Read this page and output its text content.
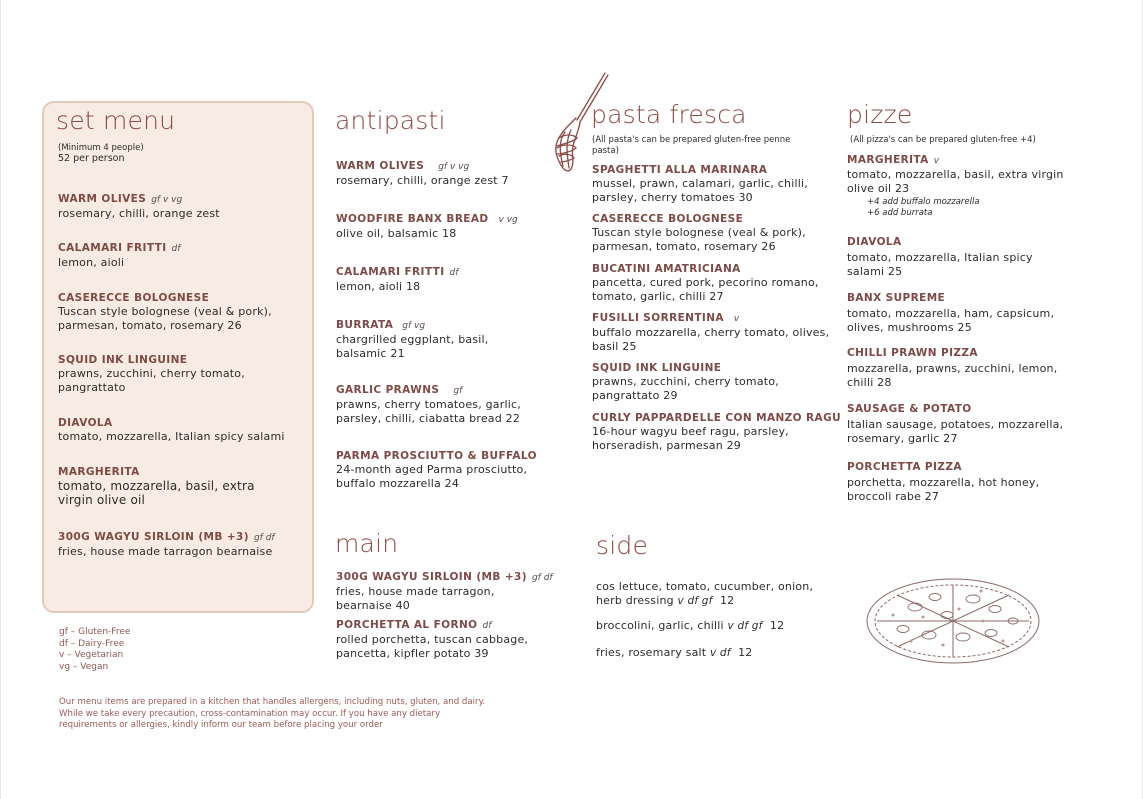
set menu
(Minimum 4 people)
52 per person
WARM OLIVES gf v vg
rosemary, chilli, orange zest
CALAMARI FRITTI df
lemon, aioli
CASERECCE BOLOGNESE
Tuscan style bolognese (veal & pork), parmesan, tomato, rosemary 26
SQUID INK LINGUINE
prawns, zucchini, cherry tomato, pangrattato
DIAVOLA
tomato, mozzarella, Italian spicy salami
MARGHERITA
tomato, mozzarella, basil, extra virgin olive oil
300G WAGYU SIRLOIN (MB +3) gf df
fries, house made tarragon bearnaise
gf – Gluten-Free
df – Dairy-Free
v – Vegetarian
vg – Vegan
Our menu items are prepared in a kitchen that handles allergens, including nuts, gluten, and dairy. While we take every precaution, cross-contamination may occur. If you have any dietary requirements or allergies, kindly inform our team before placing your order
antipasti
WARM OLIVES gf v vg
rosemary, chilli, orange zest 7
WOODFIRE BANX BREAD v vg
olive oil, balsamic 18
CALAMARI FRITTI df
lemon, aioli 18
BURRATA gf vg
chargrilled eggplant, basil, balsamic 21
GARLIC PRAWNS gf
prawns, cherry tomatoes, garlic, parsley, chilli, ciabatta bread 22
PARMA PROSCIUTTO & BUFFALO
24-month aged Parma prosciutto, buffalo mozzarella 24
main
300G WAGYU SIRLOIN (MB +3) gf df
fries, house made tarragon, bearnaise 40
PORCHETTA AL FORNO df
rolled porchetta, tuscan cabbage, pancetta, kipfler potato 39
pasta fresca
(All pasta's can be prepared gluten-free penne pasta)
SPAGHETTI ALLA MARINARA
mussel, prawn, calamari, garlic, chilli, parsley, cherry tomatoes 30
CASERECCE BOLOGNESE
Tuscan style bolognese (veal & pork), parmesan, tomato, rosemary 26
BUCATINI AMATRICIANA
pancetta, cured pork, pecorino romano, tomato, garlic, chilli 27
FUSILLI SORRENTINA v
buffalo mozzarella, cherry tomato, olives, basil 25
SQUID INK LINGUINE
prawns, zucchini, cherry tomato, pangrattato 29
CURLY PAPPARDELLE CON MANZO RAGU
16-hour wagyu beef ragu, parsley, horseradish, parmesan 29
side
cos lettuce, tomato, cucumber, onion,
herb dressing v df gf 12
broccolini, garlic, chilli v df gf 12
fries, rosemary salt v df 12
pizze
(All pizza's can be prepared gluten-free +4)
MARGHERITA v
tomato, mozzarella, basil, extra virgin olive oil 23
+4 add buffalo mozzarella
+6 add burrata
DIAVOLA
tomato, mozzarella, Italian spicy salami 25
BANX SUPREME
tomato, mozzarella, ham, capsicum, olives, mushrooms 25
CHILLI PRAWN PIZZA
mozzarella, prawns, zucchini, lemon, chilli 28
SAUSAGE & POTATO
Italian sausage, potatoes, mozzarella, rosemary, garlic 27
PORCHETTA PIZZA
porchetta, mozzarella, hot honey, broccoli rabe 27
